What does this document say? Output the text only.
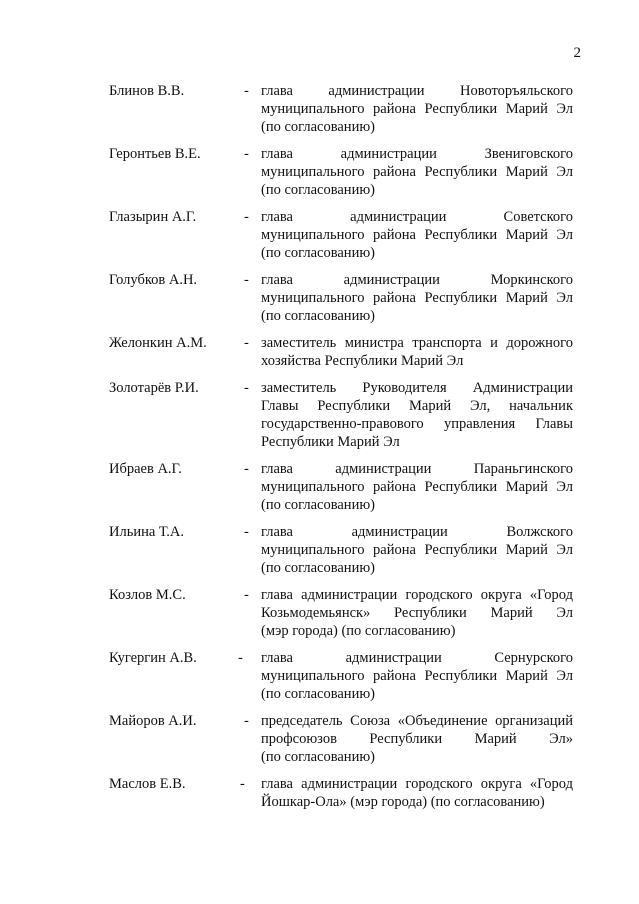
2
Блинов В.В.	- глава администрации Новоторъяльского
муниципального района Республики Марий Эл
(по согласованию)
Геронтьев В.Е.	- глава администрации Звениговского
муниципального района Республики Марий Эл
(по согласованию)
Глазырин А.Г.	- глава администрации Советского
муниципального района Республики Марий Эл
(по согласованию)
Голубков А.Н.	- глава администрации Моркинского
муниципального района Республики Марий Эл
(по согласованию)
Желонкин А.М.	- заместитель министра транспорта и дорожного
хозяйства Республики Марий Эл
Золотарёв Р.И.	- заместитель Руководителя Администрации
Главы Республики Марий Эл, начальник
государственно-правового управления Главы
Республики Марий Эл
Ибраев А.Г.	- глава администрации Параньгинского
муниципального района Республики Марий Эл
(по согласованию)
Ильина Т.А.	- глава администрации Волжского
муниципального района Республики Марий Эл
(по согласованию)
Козлов М.С.	- глава администрации городского округа «Город
Козьмодемьянск» Республики Марий Эл
(мэр города) (по согласованию)
Кугергин А.В.	- глава администрации Сернурского
муниципального района Республики Марий Эл
(по согласованию)
Майоров А.И.	- председатель Союза «Объединение организаций
профсоюзов Республики Марий Эл»
(по согласованию)
Маслов Е.В.	- глава администрации городского округа «Город
Йошкар-Ола» (мэр города) (по согласованию)
